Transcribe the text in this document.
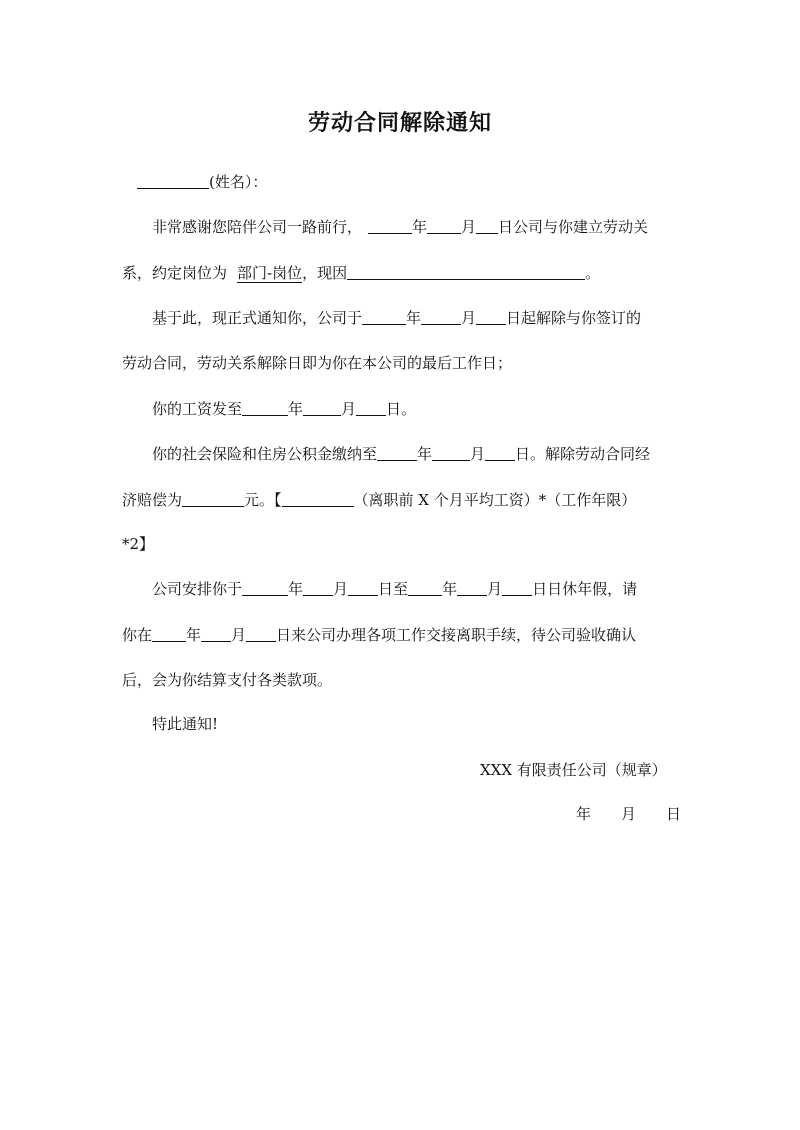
劳动合同解除通知
(姓名）：
非常感谢您陪伴公司一路前行，	年 月 日公司与你建立劳动关
系，约定岗位为 部门-岗位，现因	。
基于此，现正式通知你，公司于	年	月 日起解除与你签订的
劳动合同，劳动关系解除日即为你在本公司的最后工作日；
你的工资发至	年	月 日。
你的社会保险和住房公积金缴纳至	年	月 日。解除劳动合同经
济赔偿为	元。【	（离职前 X 个月平均工资）*（工作年限）
*2】
公司安排你于	年 月 日至 年 月 日日休年假，请
你在 年 月 日来公司办理各项工作交接离职手续，待公司验收确认
后，会为你结算支付各类款项。
特此通知!
XXX 有限责任公司（规章）
年 月 日
